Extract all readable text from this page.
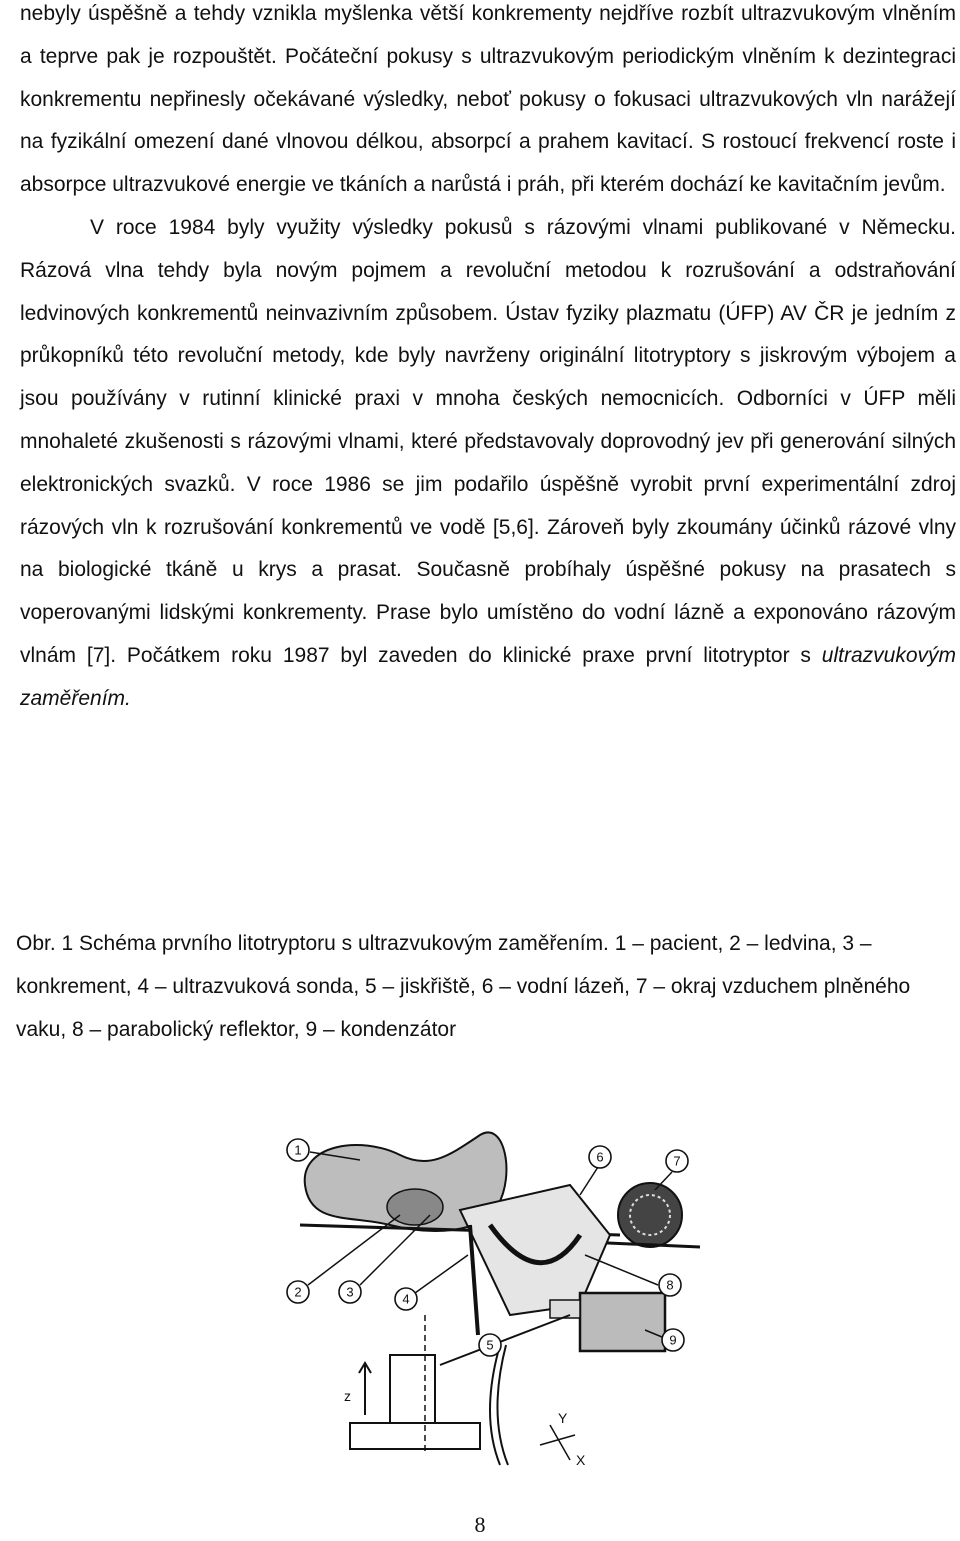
nebyly úspěšně a tehdy vznikla myšlenka větší konkrementy nejdříve rozbít ultrazvukovým vlněním a teprve pak je rozpouštět. Počáteční pokusy s ultrazvukovým periodickým vlněním k dezintegraci konkrementu nepřinesly očekávané výsledky, neboť pokusy o fokusaci ultrazvukových vln narážejí na fyzikální omezení dané vlnovou délkou, absorpcí a prahem kavitací. S rostoucí frekvencí roste i absorpce ultrazvukové energie ve tkáních a narůstá i práh, při kterém dochází ke kavitačním jevům.

V roce 1984 byly využity výsledky pokusů s rázovými vlnami publikované v Německu. Rázová vlna tehdy byla novým pojmem a revoluční metodou k rozrušování a odstraňování ledvinových konkrementů neinvazivním způsobem. Ústav fyziky plazmatu (ÚFP) AV ČR je jedním z průkopníků této revoluční metody, kde byly navrženy originální litotryptory s jiskrovým výbojem a jsou používány v rutinní klinické praxi v mnoha českých nemocnicích. Odborníci v ÚFP měli mnohaleté zkušenosti s rázovými vlnami, které představovaly doprovodný jev při generování silných elektronických svazků. V roce 1986 se jim podařilo úspěšně vyrobit první experimentální zdroj rázových vln k rozrušování konkrementů ve vodě [5,6]. Zároveň byly zkoumány účinků rázové vlny na biologické tkáně u krys a prasat. Současně probíhaly úspěšné pokusy na prasatech s voperovanými lidskými konkrementy. Prase bylo umístěno do vodní lázně a exponováno rázovým vlnám [7]. Počátkem roku 1987 byl zaveden do klinické praxe první litotryptor s ultrazvukovým zaměřením.

Obr. 1 Schéma prvního litotryptoru s ultrazvukovým zaměřením. 1 – pacient, 2 – ledvina, 3 – konkrement, 4 – ultrazvuková sonda, 5 – jiskřiště, 6 – vodní lázeň, 7 – okraj vzduchem plněného vaku, 8 – parabolický reflektor, 9 – kondenzátor
z
Y
X
1
2	3	4
5
6	7
8
9
8
